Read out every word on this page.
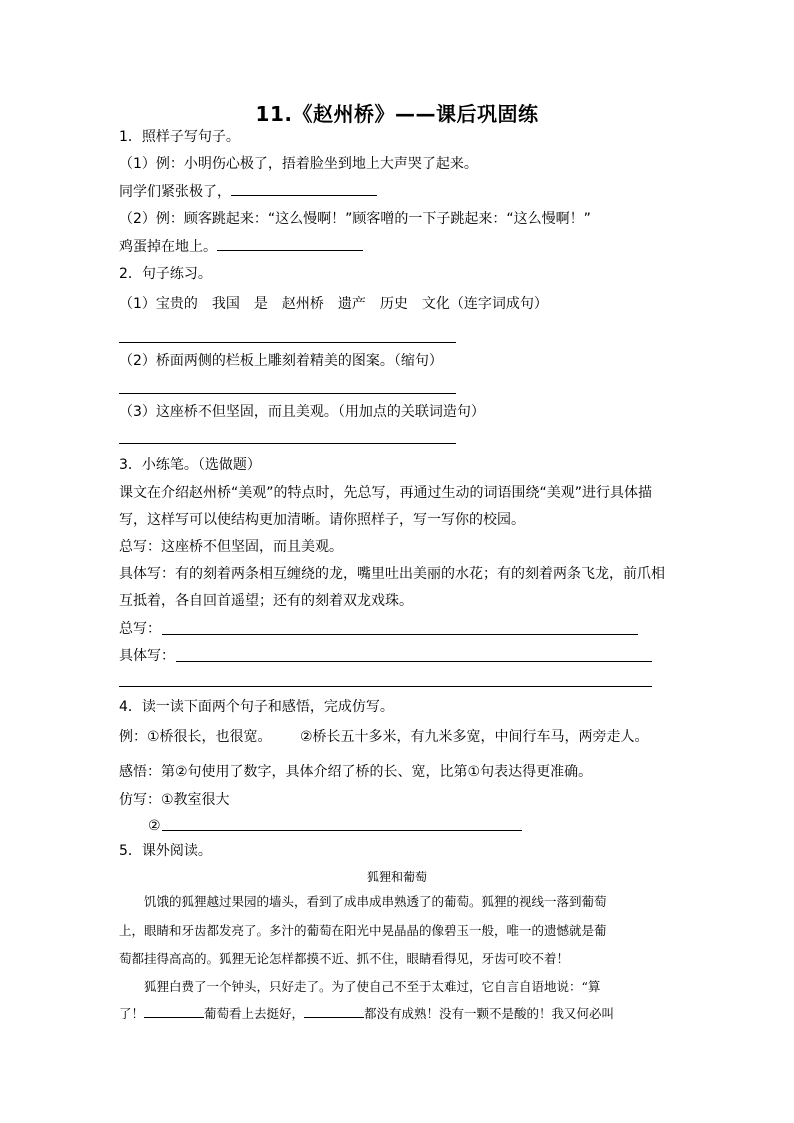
11.《赵州桥》——课后巩固练
1．照样子写句子。
（1）例：小明伤心极了，捂着脸坐到地上大声哭了起来。
同学们紧张极了，
（2）例：顾客跳起来：“这么慢啊！”顾客噌的一下子跳起来：“这么慢啊！”
鸡蛋掉在地上。
2．句子练习。
（1）宝贵的　我国　是　赵州桥　遗产　历史　文化（连字词成句）
（2）桥面两侧的栏板上雕刻着精美的图案。（缩句）
（3）这座桥不但坚固，而且美观。（用加点的关联词造句）
3．小练笔。（选做题）
课文在介绍赵州桥“美观”的特点时，先总写，再通过生动的词语围绕“美观”进行具体描
写，这样写可以使结构更加清晰。请你照样子，写一写你的校园。
总写：这座桥不但坚固，而且美观。
具体写：有的刻着两条相互缠绕的龙，嘴里吐出美丽的水花；有的刻着两条飞龙，前爪相
互抵着，各自回首遥望；还有的刻着双龙戏珠。
总写：
具体写：
4．读一读下面两个句子和感悟，完成仿写。
例：①桥很长，也很宽。 ②桥长五十多米，有九米多宽，中间行车马，两旁走人。
感悟：第②句使用了数字，具体介绍了桥的长、宽，比第①句表达得更准确。
仿写：①教室很大
②
5．课外阅读。
狐狸和葡萄
　　饥饿的狐狸越过果园的墙头，看到了成串成串熟透了的葡萄。狐狸的视线一落到葡萄
上，眼睛和牙齿都发亮了。多汁的葡萄在阳光中晃晶晶的像碧玉一般，唯一的遗憾就是葡
萄都挂得高高的。狐狸无论怎样都摸不近、抓不住，眼睛看得见，牙齿可咬不着！
　　狐狸白费了一个钟头，只好走了。为了使自己不至于太难过，它自言自语地说：“算
了！	葡萄看上去挺好，	都没有成熟！没有一颗不是酸的！我又何必叫
